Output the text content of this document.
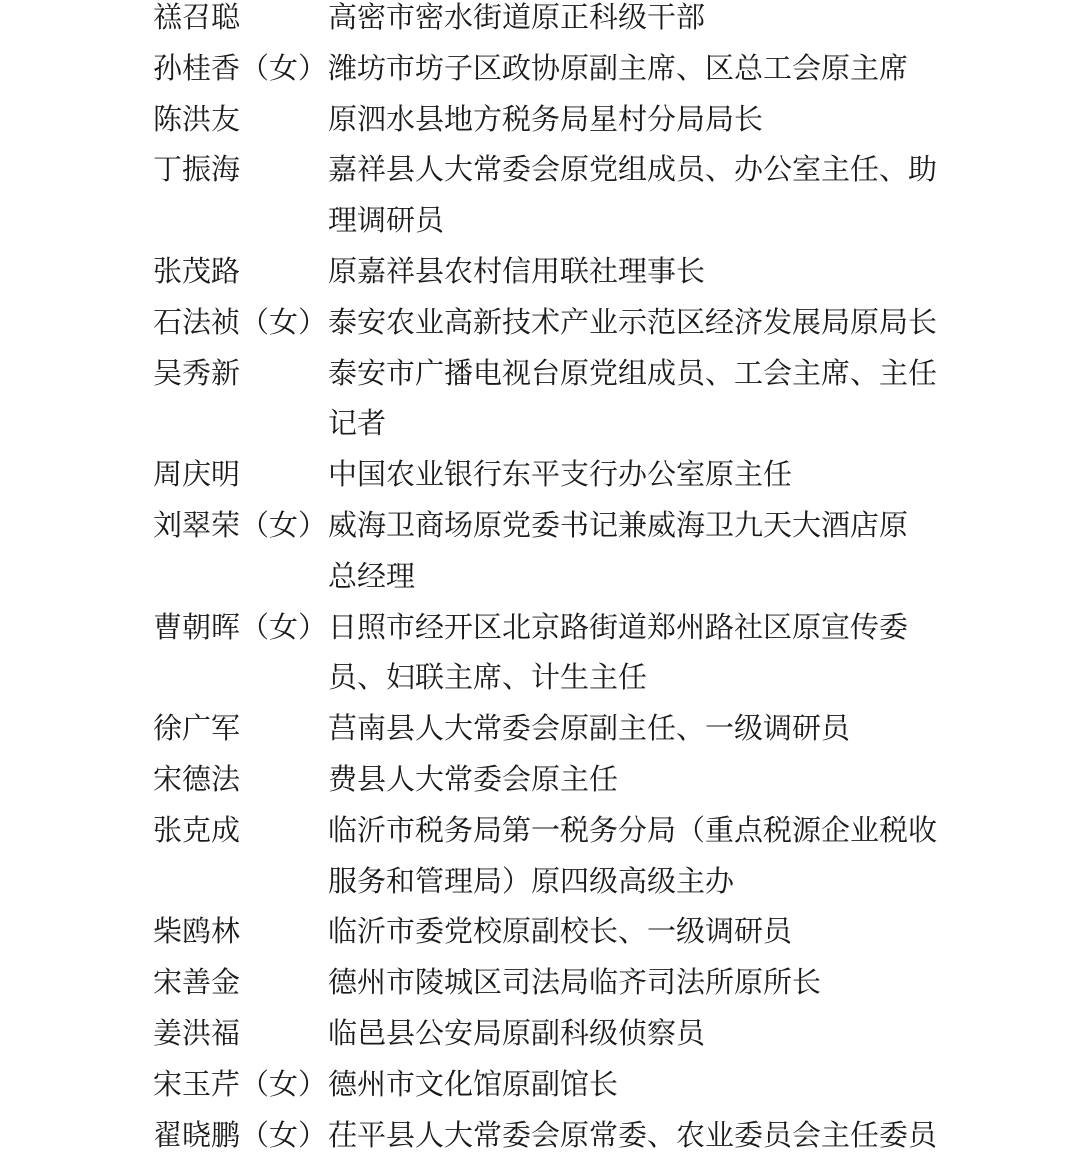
禚召聪	高密市密水街道原正科级干部
孙桂香（女） 潍坊市坊子区政协原副主席、区总工会原主席
陈洪友	原泗水县地方税务局星村分局局长
丁振海	嘉祥县人大常委会原党组成员、办公室主任、助
理调研员
张茂路	原嘉祥县农村信用联社理事长
石法祯（女） 泰安农业高新技术产业示范区经济发展局原局长
吴秀新	泰安市广播电视台原党组成员、工会主席、主任
记者
周庆明	中国农业银行东平支行办公室原主任
刘翠荣（女） 威海卫商场原党委书记兼威海卫九天大酒店原
总经理
曹朝晖（女） 日照市经开区北京路街道郑州路社区原宣传委
员、妇联主席、计生主任
徐广军	莒南县人大常委会原副主任、一级调研员
宋德法	费县人大常委会原主任
张克成	临沂市税务局第一税务分局（重点税源企业税收
服务和管理局）原四级高级主办
柴鸥林	临沂市委党校原副校长、一级调研员
宋善金	德州市陵城区司法局临齐司法所原所长
姜洪福	临邑县公安局原副科级侦察员
宋玉芹（女） 德州市文化馆原副馆长
翟晓鹏（女） 茌平县人大常委会原常委、农业委员会主任委员
